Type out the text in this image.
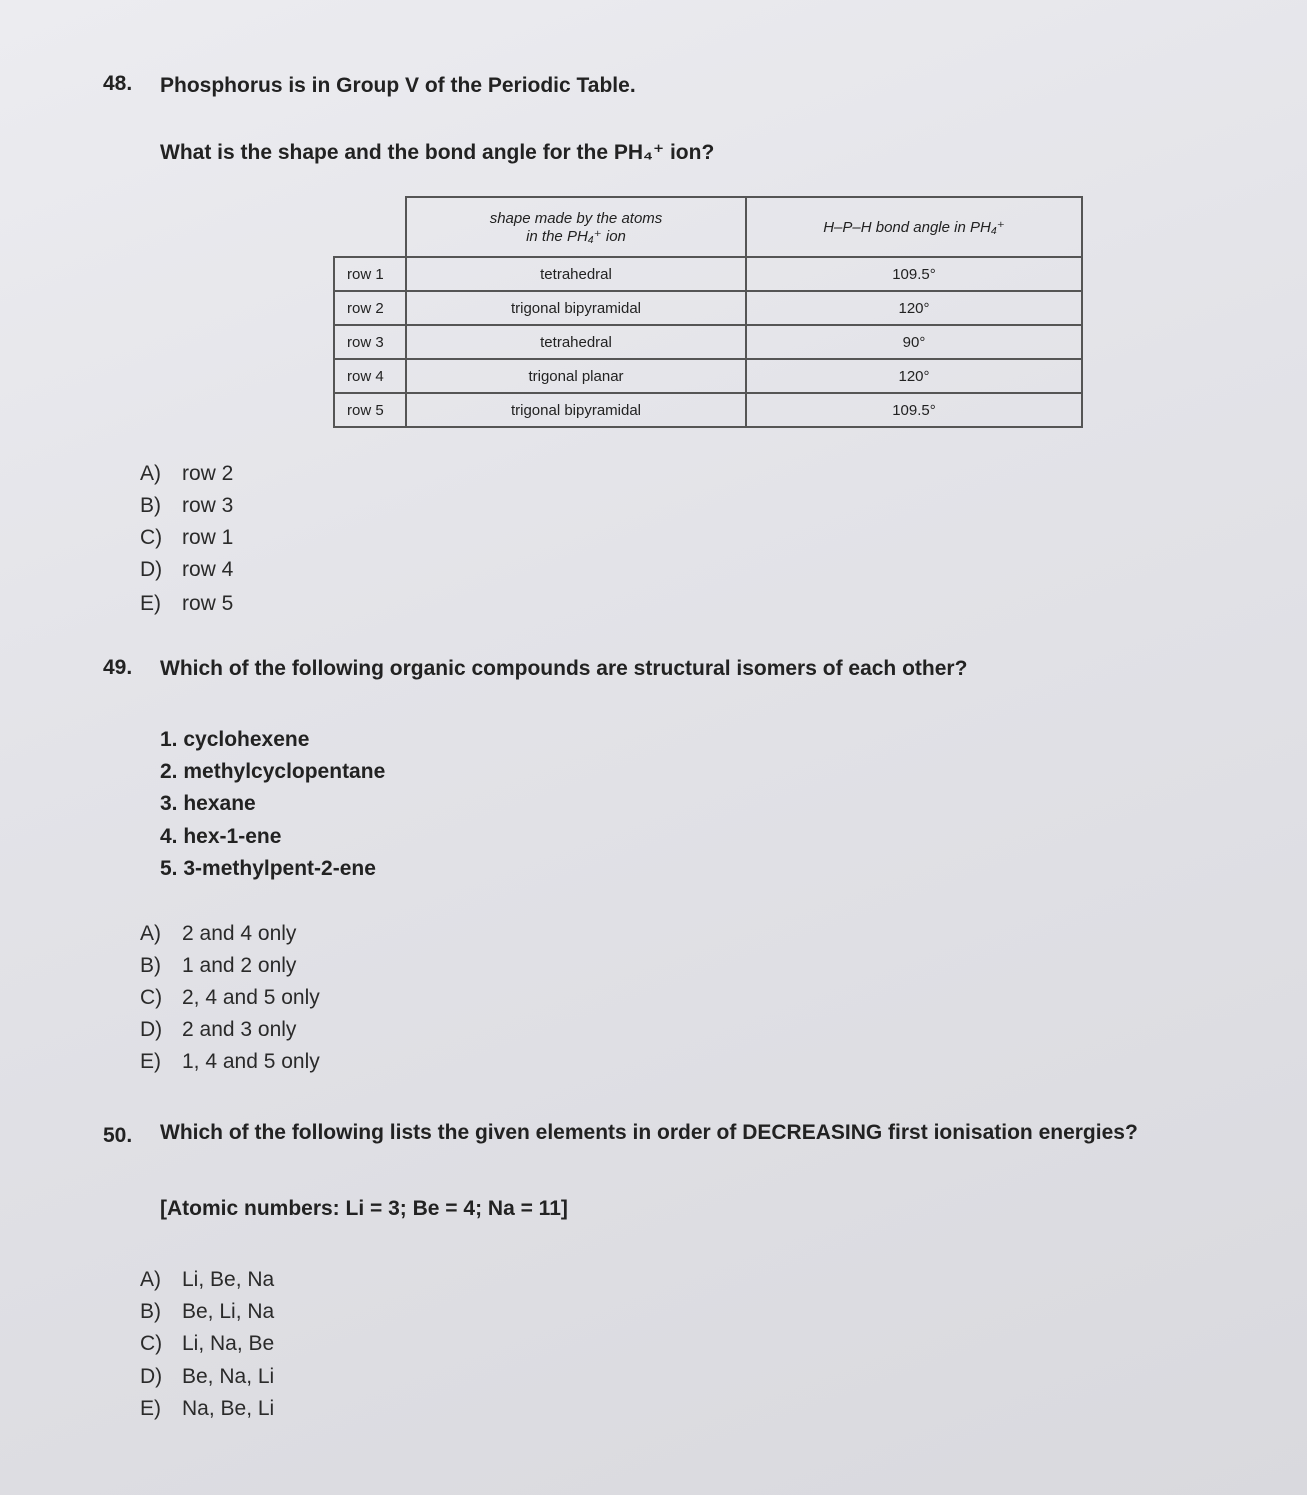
48. Phosphorus is in Group V of the Periodic Table.
What is the shape and the bond angle for the PH₄⁺ ion?
	shape made by the atoms
in the PH₄⁺ ion	H–P–H bond angle in PH₄⁺
row 1	tetrahedral	109.5°
row 2	trigonal bipyramidal	120°
row 3	tetrahedral	90°
row 4	trigonal planar	120°
row 5	trigonal bipyramidal	109.5°
A) row 2
B) row 3
C) row 1
D) row 4
E) row 5
49. Which of the following organic compounds are structural isomers of each other?
1. cyclohexene
2. methylcyclopentane
3. hexane
4. hex-1-ene
5. 3-methylpent-2-ene
A) 2 and 4 only
B) 1 and 2 only
C) 2, 4 and 5 only
D) 2 and 3 only
E) 1, 4 and 5 only
50. Which of the following lists the given elements in order of DECREASING first ionisation energies?
[Atomic numbers: Li = 3; Be = 4; Na = 11]
A) Li, Be, Na
B) Be, Li, Na
C) Li, Na, Be
D) Be, Na, Li
E) Na, Be, Li
